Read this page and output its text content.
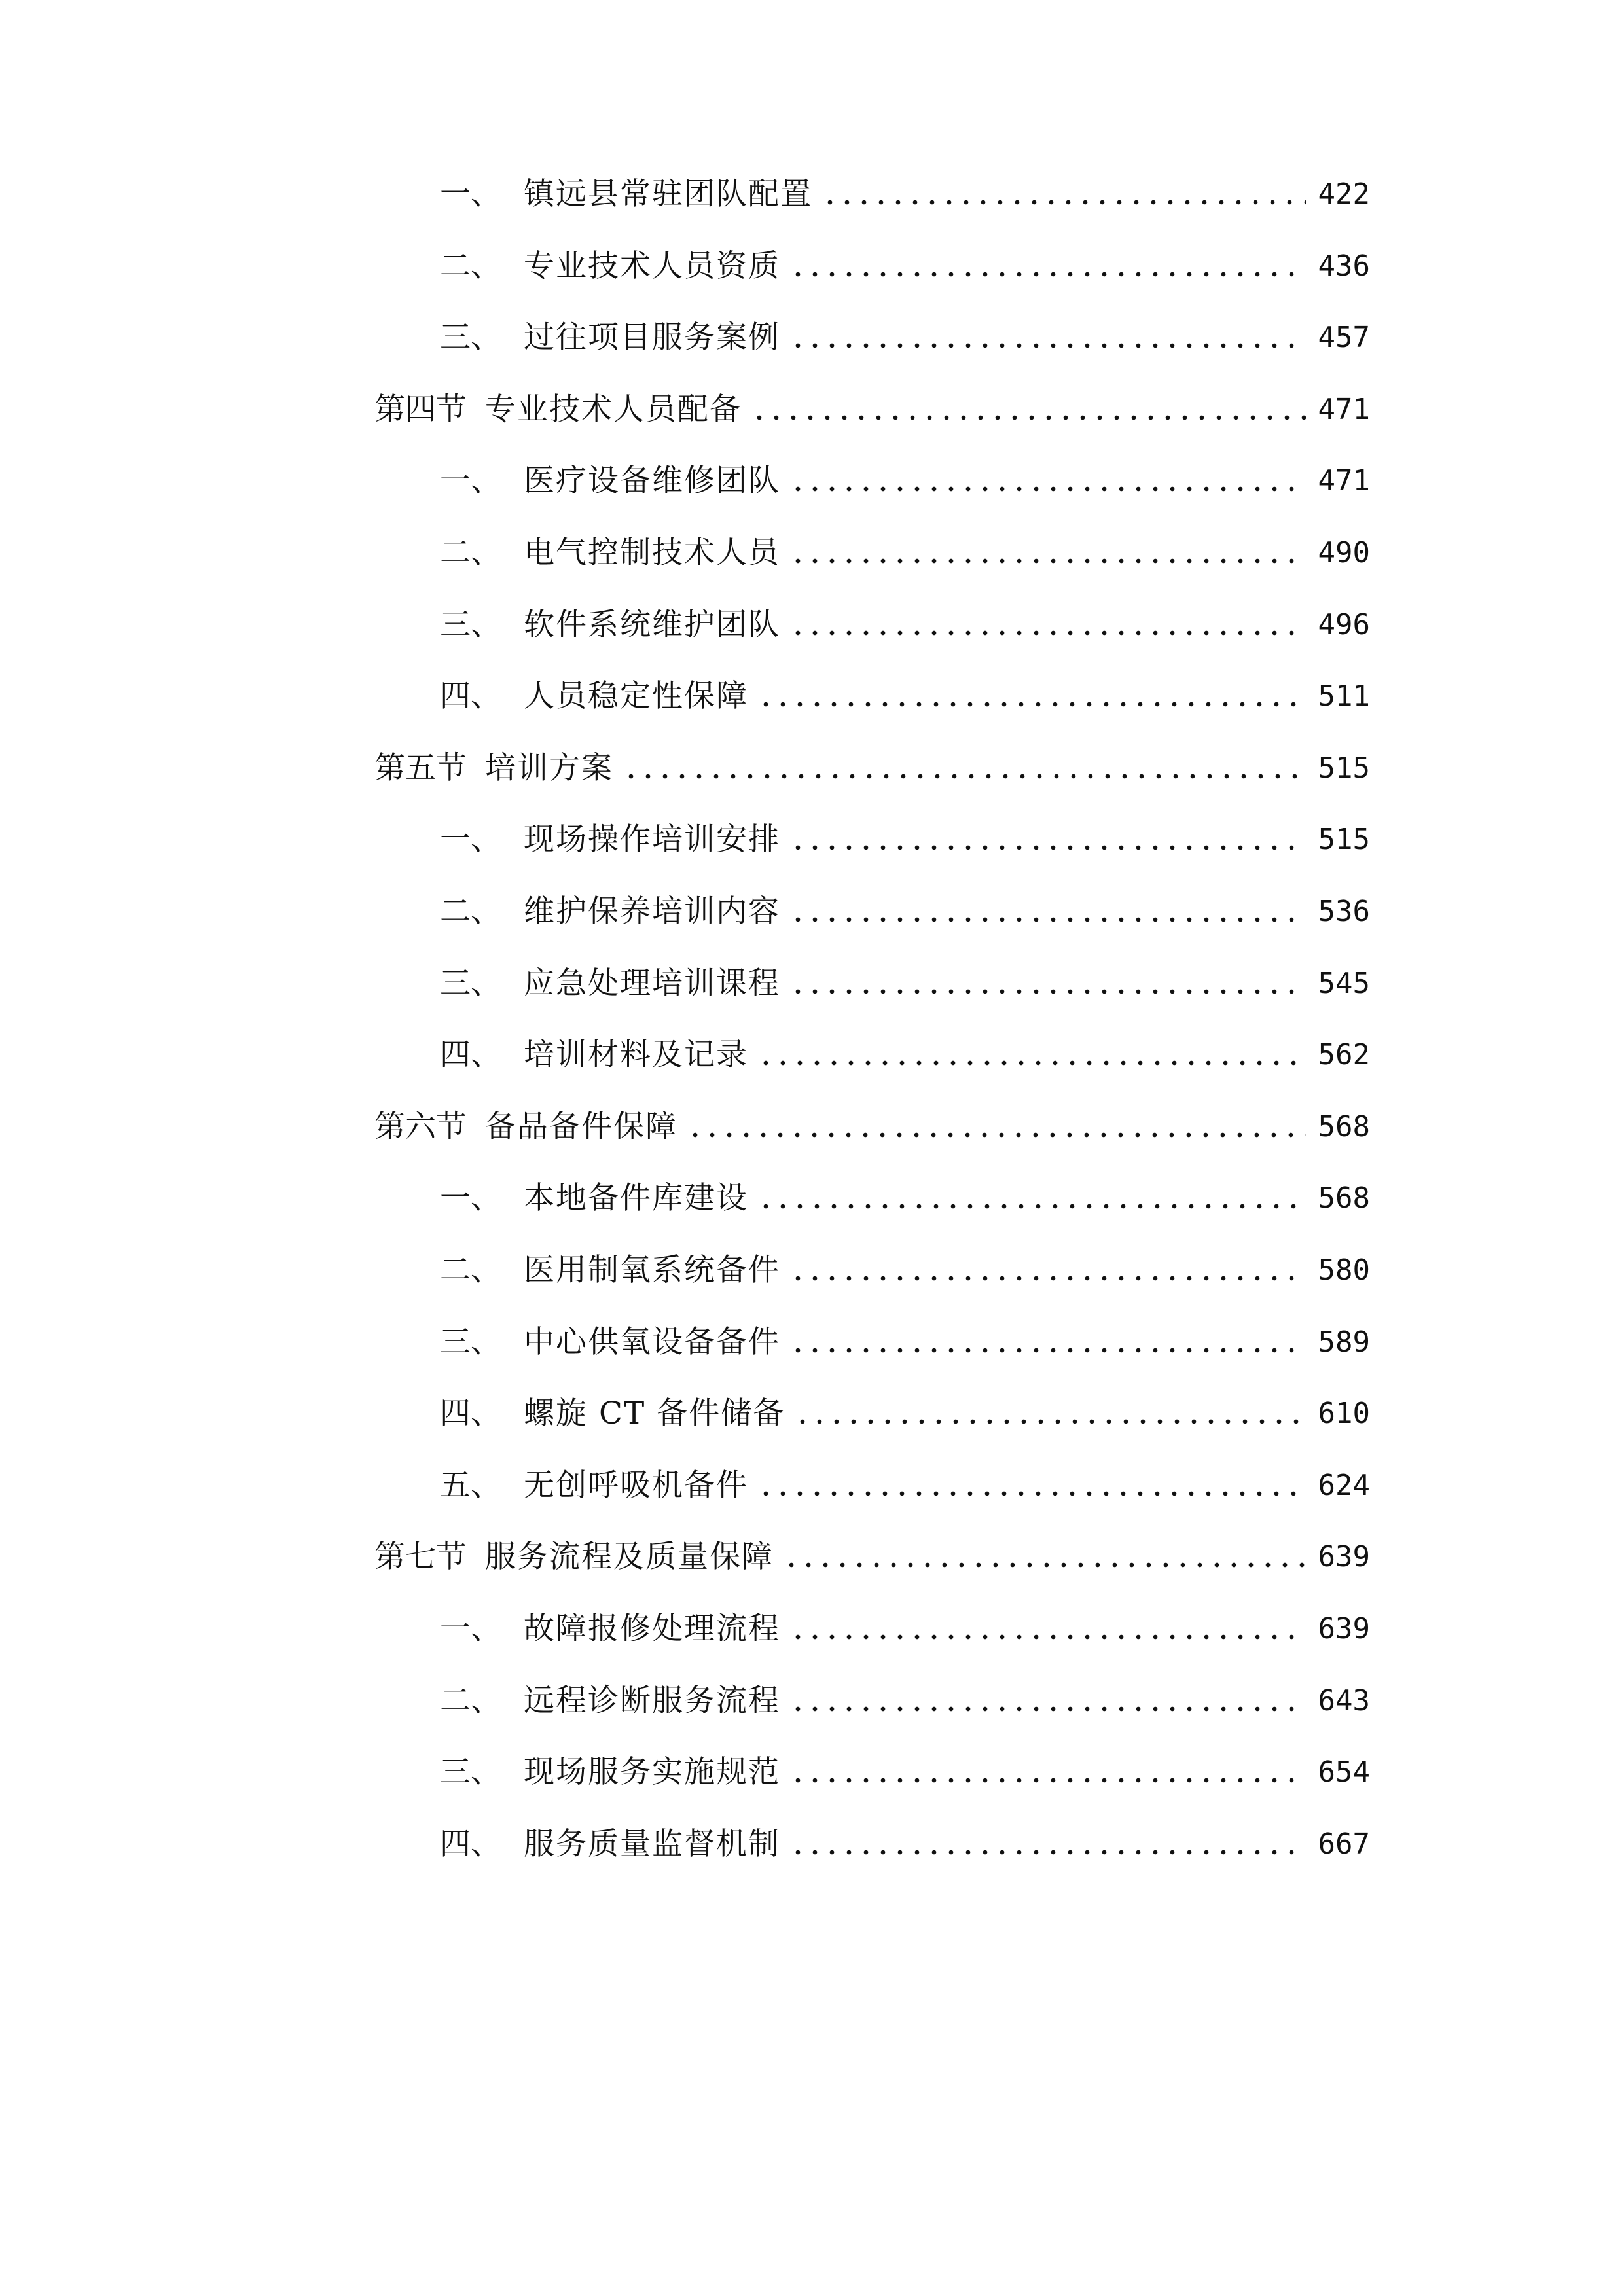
一、 镇远县常驻团队配置	422
二、 专业技术人员资质	436
三、 过往项目服务案例	457
第四节 专业技术人员配备	471
一、 医疗设备维修团队	471
二、 电气控制技术人员	490
三、 软件系统维护团队	496
四、 人员稳定性保障	511
第五节 培训方案	515
一、 现场操作培训安排	515
二、 维护保养培训内容	536
三、 应急处理培训课程	545
四、 培训材料及记录	562
第六节 备品备件保障	568
一、 本地备件库建设	568
二、 医用制氧系统备件	580
三、 中心供氧设备备件	589
四、 螺旋 CT 备件储备	610
五、 无创呼吸机备件	624
第七节 服务流程及质量保障	639
一、 故障报修处理流程	639
二、 远程诊断服务流程	643
三、 现场服务实施规范	654
四、 服务质量监督机制	667
